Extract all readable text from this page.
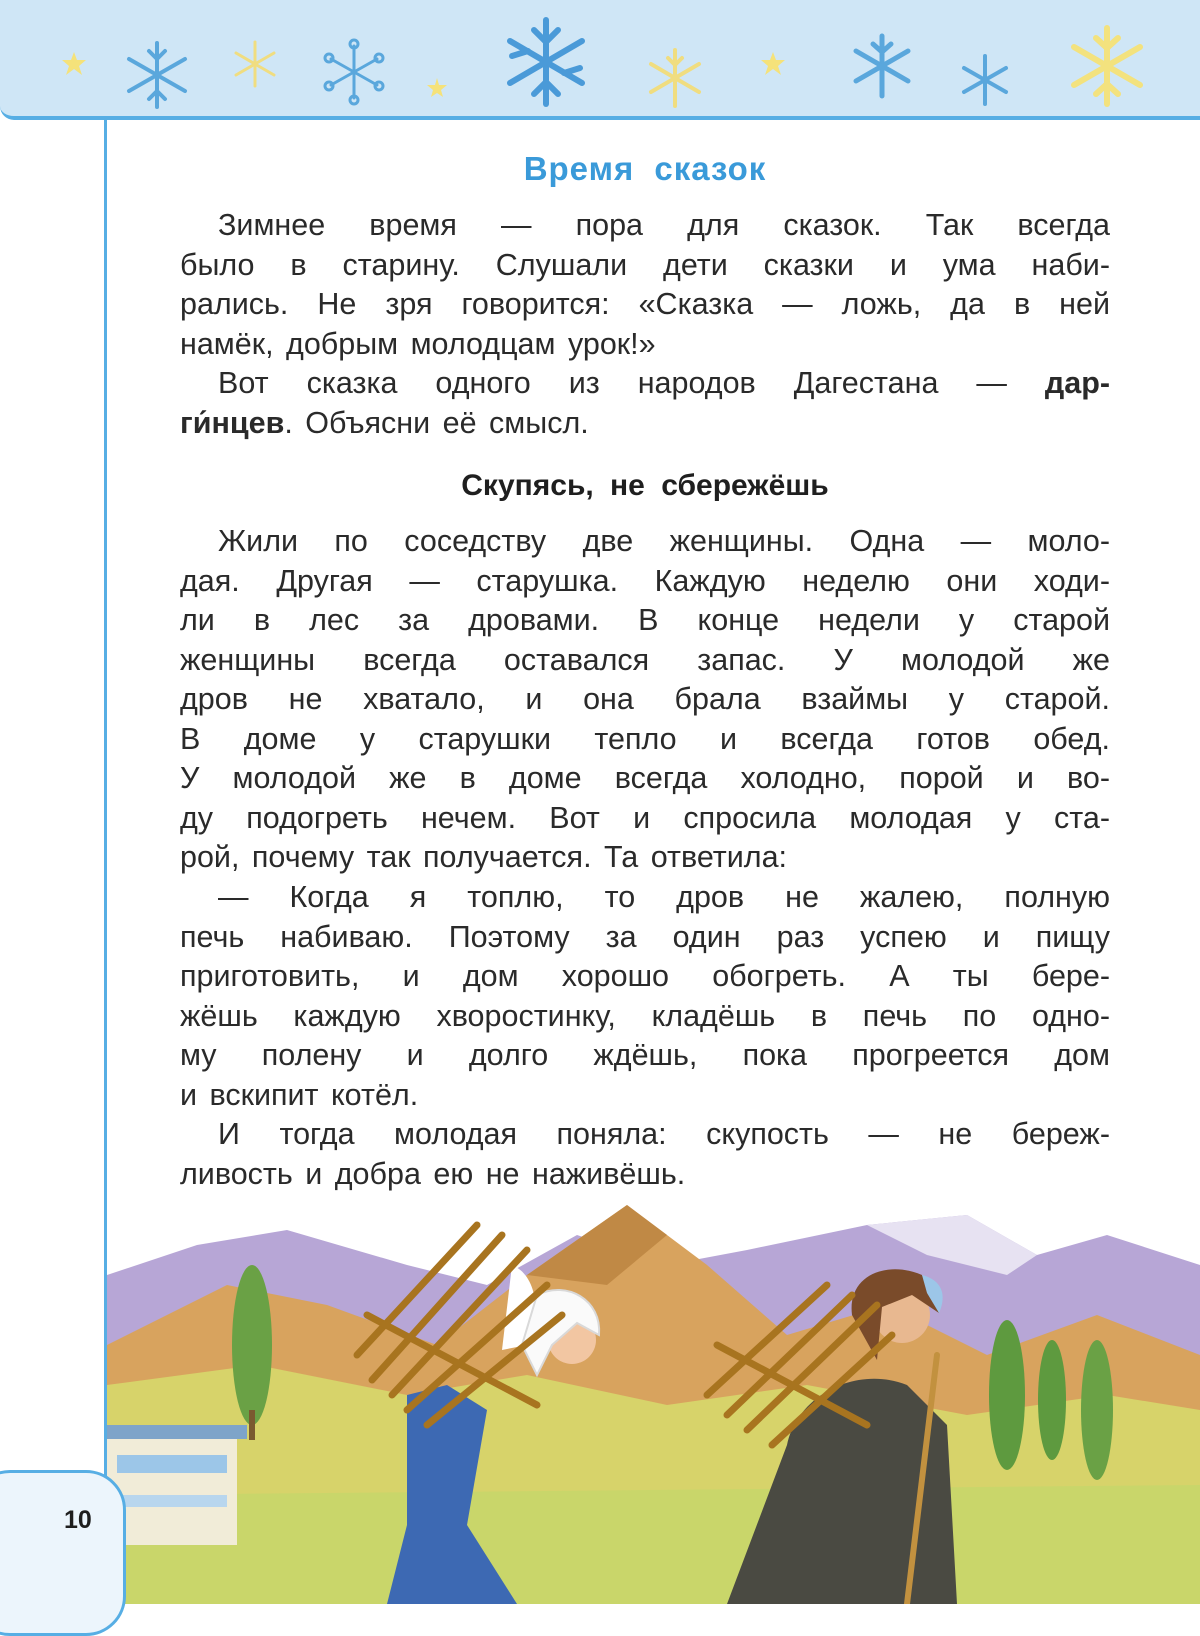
Время сказок
Зимнее время — пора для сказок. Так всегда
было в старину. Слушали дети сказки и ума наби-
рались. Не зря говорится: «Сказка — ложь, да в ней
намёк, добрым молодцам урок!»
Вот сказка одного из народов Дагестана — дар-
ги́нцев. Объясни её смысл.
Скупясь, не сбережёшь
Жили по соседству две женщины. Одна — моло-
дая. Другая — старушка. Каждую неделю они ходи-
ли в лес за дровами. В конце недели у старой
женщины всегда оставался запас. У молодой же
дров не хватало, и она брала взаймы у старой.
В доме у старушки тепло и всегда готов обед.
У молодой же в доме всегда холодно, порой и во-
ду подогреть нечем. Вот и спросила молодая у ста-
рой, почему так получается. Та ответила:
— Когда я топлю, то дров не жалею, полную
печь набиваю. Поэтому за один раз успею и пищу
приготовить, и дом хорошо обогреть. А ты бере-
жёшь каждую хворостинку, кладёшь в печь по одно-
му полену и долго ждёшь, пока прогреется дом
и вскипит котёл.
И тогда молодая поняла: скупость — не береж-
ливость и добра ею не наживёшь.
10
